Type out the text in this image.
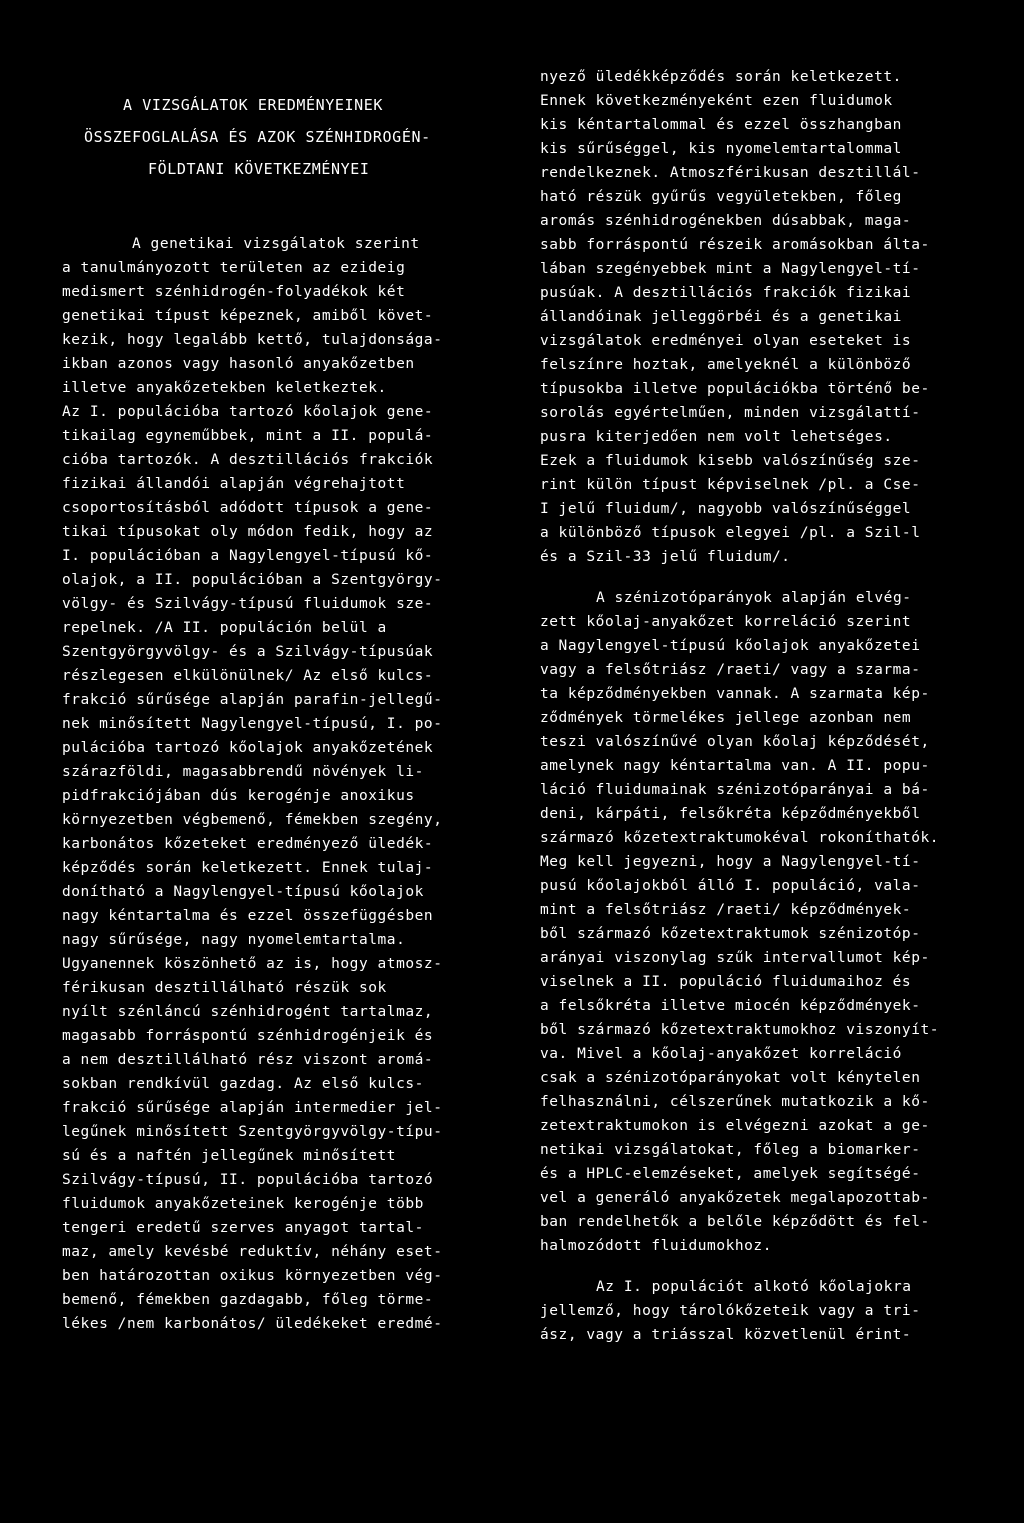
A VIZSGÁLATOK EREDMÉNYEINEK
ÖSSZEFOGLALÁSA ÉS AZOK SZÉNHIDROGÉN-
FÖLDTANI KÖVETKEZMÉNYEI
A genetikai vizsgálatok szerint
a tanulmányozott területen az ezideig
medismert szénhidrogén-folyadékok két
genetikai típust képeznek, amiből követ-
kezik, hogy legalább kettő, tulajdonsága-
ikban azonos vagy hasonló anyakőzetben
illetve anyakőzetekben keletkeztek.
Az I. populációba tartozó kőolajok gene-
tikailag egyneműbbek, mint a II. populá-
cióba tartozók. A desztillációs frakciók
fizikai állandói alapján végrehajtott
csoportosításból adódott típusok a gene-
tikai típusokat oly módon fedik, hogy az
I. populációban a Nagylengyel-típusú kő-
olajok, a II. populációban a Szentgyörgy-
völgy- és Szilvágy-típusú fluidumok sze-
repelnek. /A II. populáción belül a
Szentgyörgyvölgy- és a Szilvágy-típusúak
részlegesen elkülönülnek/ Az első kulcs-
frakció sűrűsége alapján parafin-jellegű-
nek minősített Nagylengyel-típusú, I. po-
pulációba tartozó kőolajok anyakőzetének
szárazföldi, magasabbrendű növények li-
pidfrakciójában dús kerogénje anoxikus
környezetben végbemenő, fémekben szegény,
karbonátos kőzeteket eredményező üledék-
képződés során keletkezett. Ennek tulaj-
donítható a Nagylengyel-típusú kőolajok
nagy kéntartalma és ezzel összefüggésben
nagy sűrűsége, nagy nyomelemtartalma.
Ugyanennek köszönhető az is, hogy atmosz-
férikusan desztillálható részük sok
nyílt szénláncú szénhidrogént tartalmaz,
magasabb forráspontú szénhidrogénjeik és
a nem desztillálható rész viszont aromá-
sokban rendkívül gazdag. Az első kulcs-
frakció sűrűsége alapján intermedier jel-
legűnek minősített Szentgyörgyvölgy-típu-
sú és a naftén jellegűnek minősített
Szilvágy-típusú, II. populációba tartozó
fluidumok anyakőzeteinek kerogénje több
tengeri eredetű szerves anyagot tartal-
maz, amely kevésbé reduktív, néhány eset-
ben határozottan oxikus környezetben vég-
bemenő, fémekben gazdagabb, főleg törme-
lékes /nem karbonátos/ üledékeket eredmé-
nyező üledékképződés során keletkezett.
Ennek következményeként ezen fluidumok
kis kéntartalommal és ezzel összhangban
kis sűrűséggel, kis nyomelemtartalommal
rendelkeznek. Atmoszférikusan desztillál-
ható részük gyűrűs vegyületekben, főleg
aromás szénhidrogénekben dúsabbak, maga-
sabb forráspontú részeik aromásokban álta-
lában szegényebbek mint a Nagylengyel-tí-
pusúak. A desztillációs frakciók fizikai
állandóinak jelleggörbéi és a genetikai
vizsgálatok eredményei olyan eseteket is
felszínre hoztak, amelyeknél a különböző
típusokba illetve populációkba történő be-
sorolás egyértelműen, minden vizsgálattí-
pusra kiterjedően nem volt lehetséges.
Ezek a fluidumok kisebb valószínűség sze-
rint külön típust képviselnek /pl. a Cse-
I jelű fluidum/, nagyobb valószínűséggel
a különböző típusok elegyei /pl. a Szil-l
és a Szil-33 jelű fluidum/.
A szénizotóparányok alapján elvég-
zett kőolaj-anyakőzet korreláció szerint
a Nagylengyel-típusú kőolajok anyakőzetei
vagy a felsőtriász /raeti/ vagy a szarma-
ta képződményekben vannak. A szarmata kép-
ződmények törmelékes jellege azonban nem
teszi valószínűvé olyan kőolaj képződését,
amelynek nagy kéntartalma van. A II. popu-
láció fluidumainak szénizotóparányai a bá-
deni, kárpáti, felsőkréta képződményekből
származó kőzetextraktumokéval rokoníthatók.
Meg kell jegyezni, hogy a Nagylengyel-tí-
pusú kőolajokból álló I. populáció, vala-
mint a felsőtriász /raeti/ képződmények-
ből származó kőzetextraktumok szénizotóp-
arányai viszonylag szűk intervallumot kép-
viselnek a II. populáció fluidumaihoz és
a felsőkréta illetve miocén képződmények-
ből származó kőzetextraktumokhoz viszonyít-
va. Mivel a kőolaj-anyakőzet korreláció
csak a szénizotóparányokat volt kénytelen
felhasználni, célszerűnek mutatkozik a kő-
zetextraktumokon is elvégezni azokat a ge-
netikai vizsgálatokat, főleg a biomarker-
és a HPLC-elemzéseket, amelyek segítségé-
vel a generáló anyakőzetek megalapozottab-
ban rendelhetők a belőle képződött és fel-
halmozódott fluidumokhoz.
Az I. populációt alkotó kőolajokra
jellemző, hogy tárolókőzeteik vagy a tri-
ász, vagy a triásszal közvetlenül érint-
